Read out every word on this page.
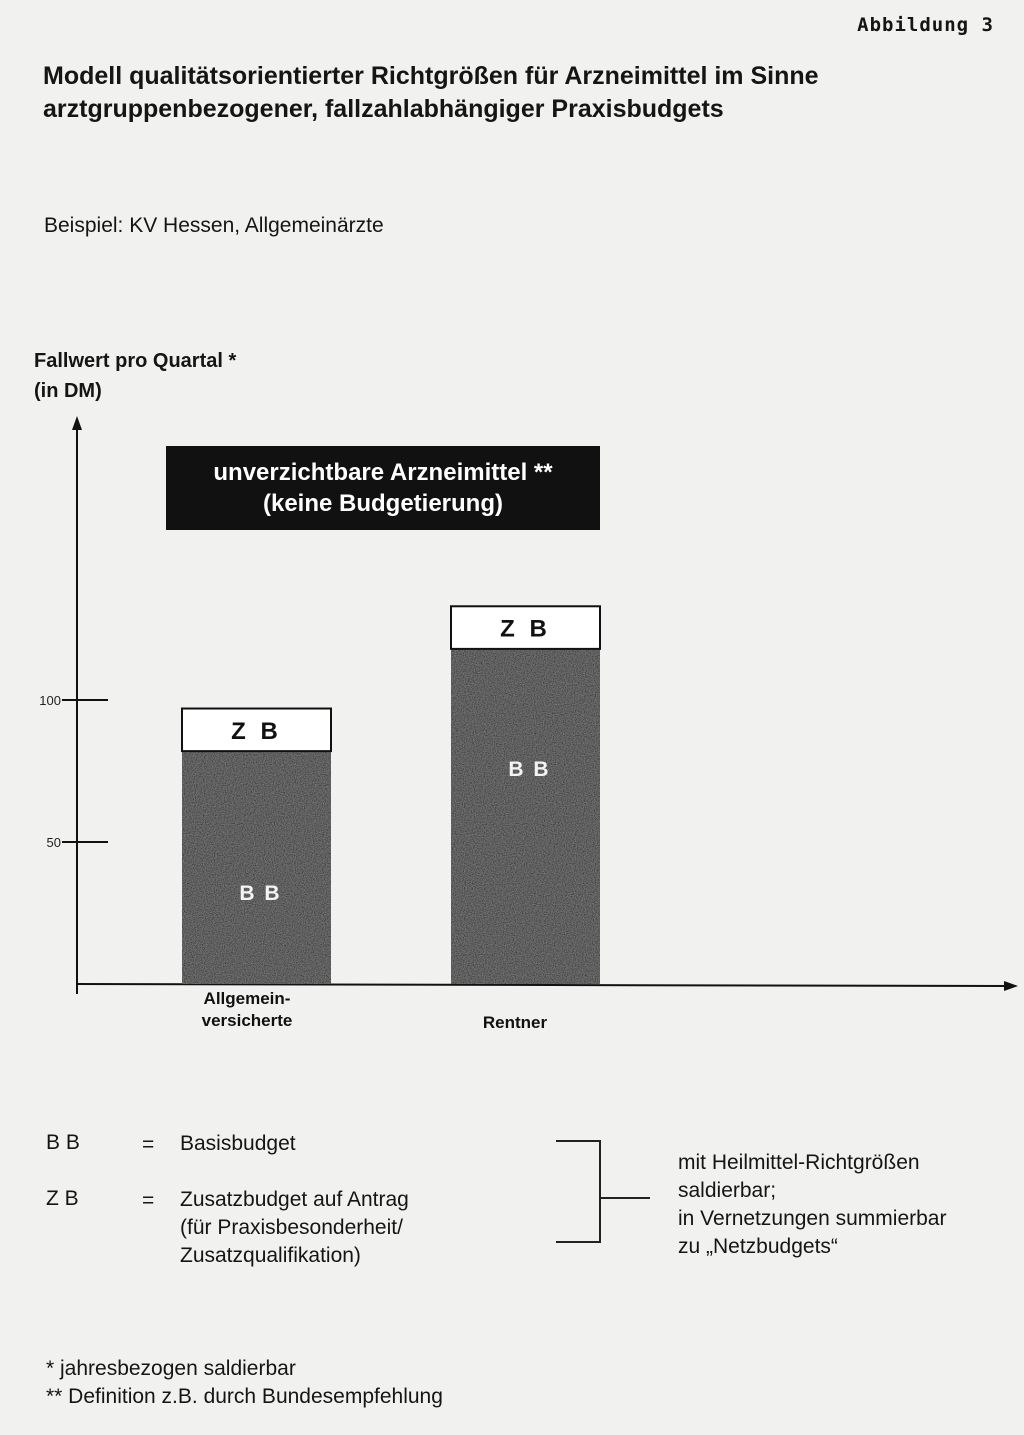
Abbildung 3
Modell qualitätsorientierter Richtgrößen für Arzneimittel im Sinne
arztgruppenbezogener, fallzahlabhängiger Praxisbudgets
Beispiel: KV Hessen, Allgemeinärzte
Fallwert pro Quartal *
(in DM)
100
50
Z B
B B
Allgemein-
versicherte
Z B
B B
Rentner
unverzichtbare Arzneimittel **
(keine Budgetierung)
B B	= Basisbudget
Z B	= Zusatzbudget auf Antrag
(für Praxisbesonderheit/
Zusatzqualifikation)
mit Heilmittel-Richtgrößen
saldierbar;
in Vernetzungen summierbar
zu „Netzbudgets“
* jahresbezogen saldierbar
** Definition z.B. durch Bundesempfehlung
